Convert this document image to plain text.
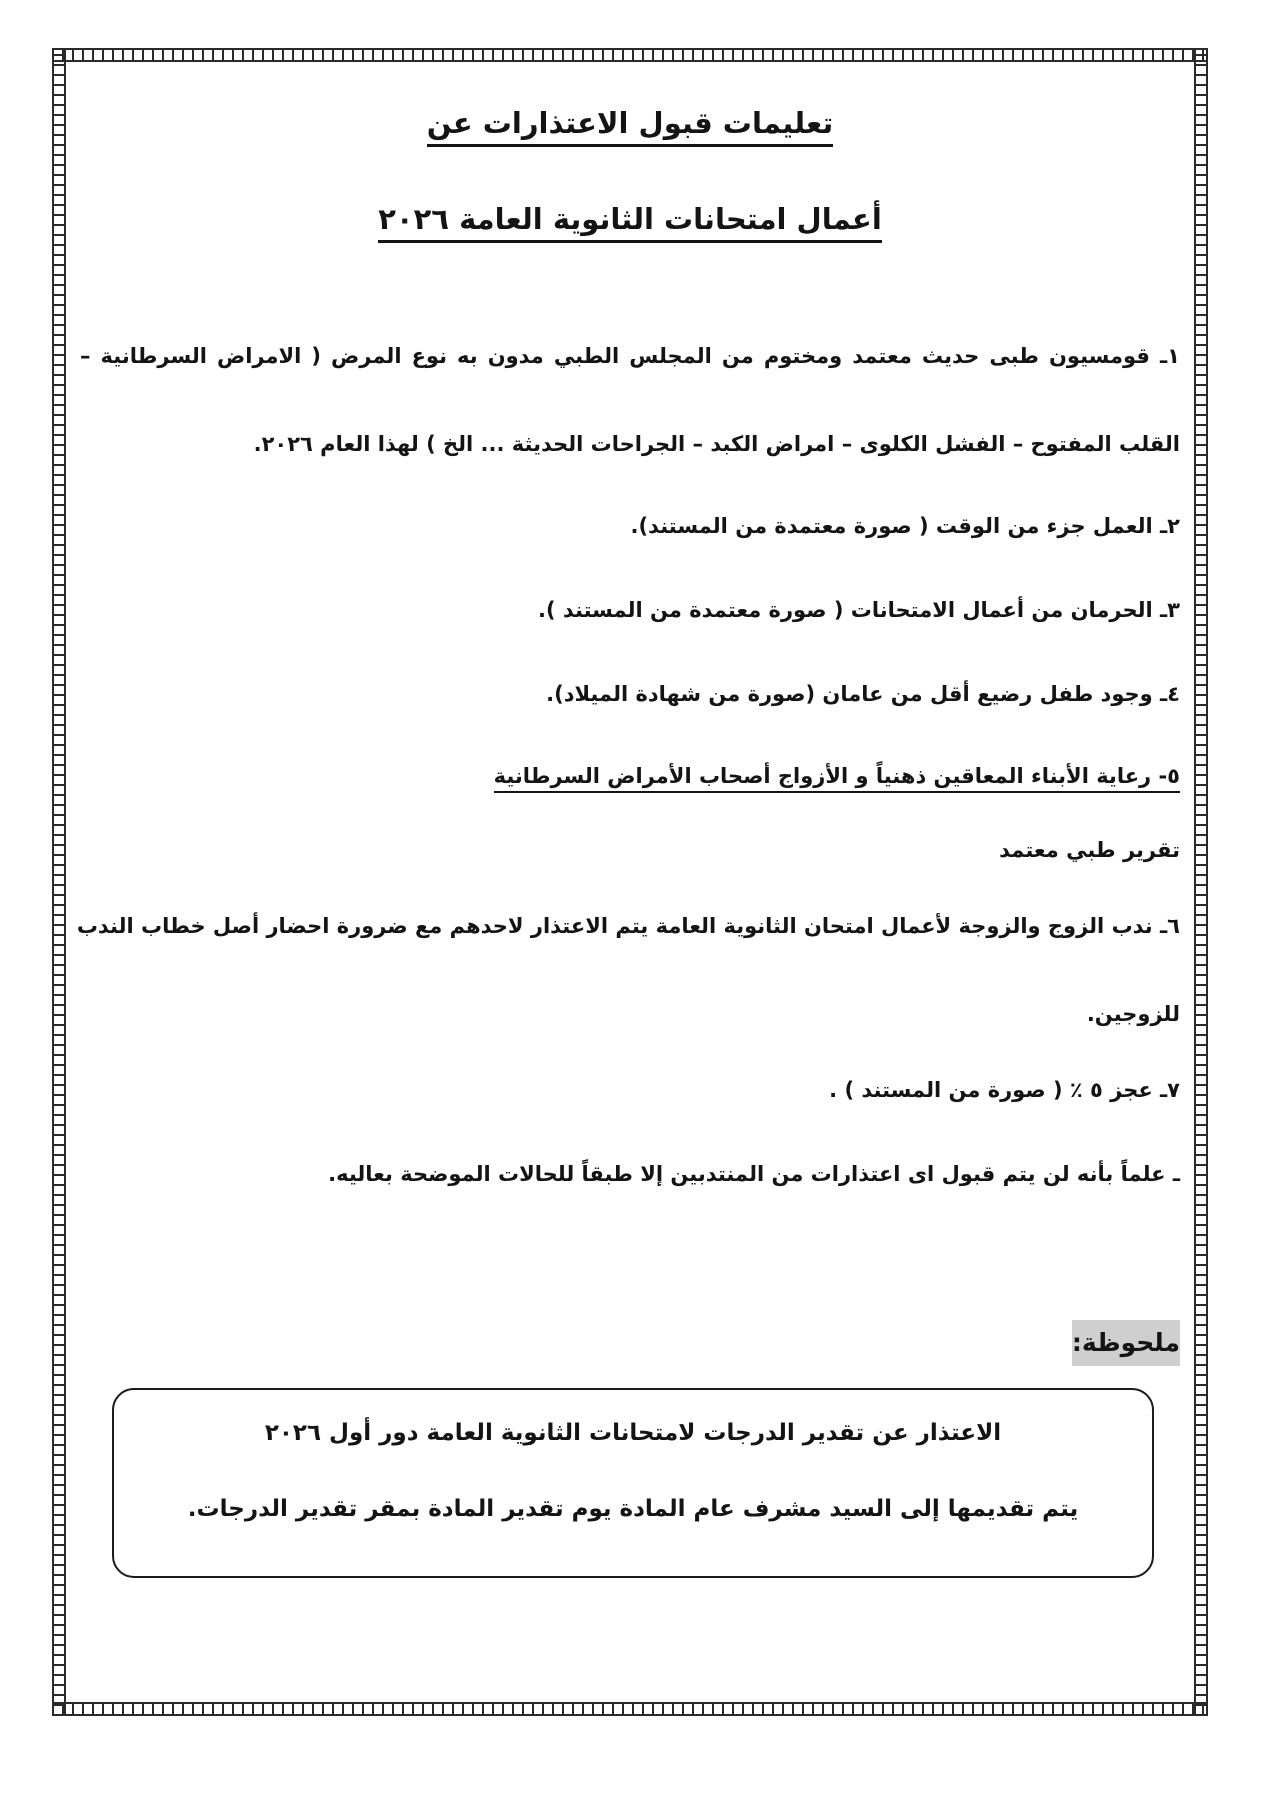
تعليمات قبول الاعتذارات عن
أعمال امتحانات الثانوية العامة ٢٠٢٦
١ـ قومسيون طبى حديث معتمد ومختوم من المجلس الطبي مدون به نوع المرض ( الامراض السرطانية –
القلب المفتوح – الفشل الكلوى – امراض الكبد – الجراحات الحديثة ... الخ ) لهذا العام ٢٠٢٦.
٢ـ العمل جزء من الوقت ( صورة معتمدة من المستند).
٣ـ الحرمان من أعمال الامتحانات ( صورة معتمدة من المستند ).
٤ـ وجود طفل رضيع أقل من عامان (صورة من شهادة الميلاد).
٥- رعاية الأبناء المعاقين ذهنياً و الأزواج أصحاب الأمراض السرطانية
تقرير طبي معتمد
٦ـ ندب الزوج والزوجة لأعمال امتحان الثانوية العامة يتم الاعتذار لاحدهم مع ضرورة احضار أصل خطاب الندب
للزوجين.
٧ـ عجز ٥ ٪ ( صورة من المستند ) .
ـ علماً بأنه لن يتم قبول اى اعتذارات من المنتدبين إلا طبقاً للحالات الموضحة بعاليه.
ملحوظة:
الاعتذار عن تقدير الدرجات لامتحانات الثانوية العامة دور أول ٢٠٢٦
يتم تقديمها إلى السيد مشرف عام المادة يوم تقدير المادة بمقر تقدير الدرجات.
